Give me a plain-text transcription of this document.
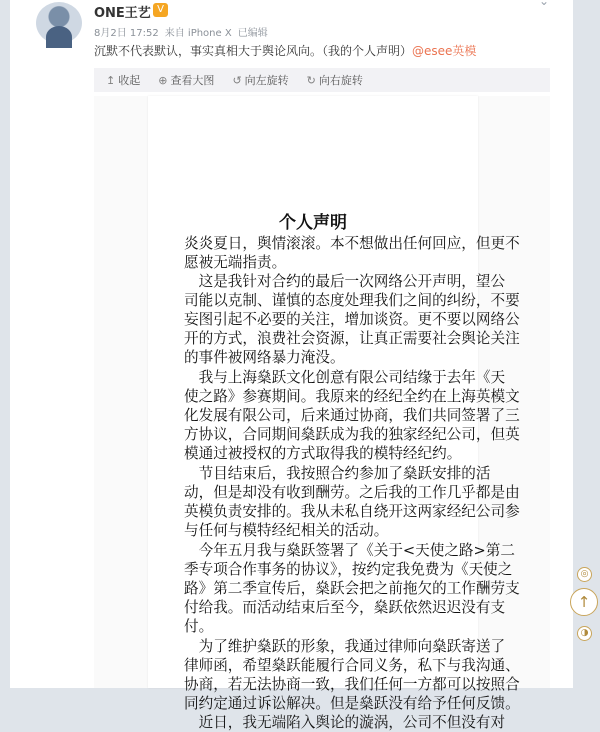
ONE王艺 V
⌄
8月2日 17:52 来自 iPhone X 已编辑
沉默不代表默认，事实真相大于舆论风向。（我的个人声明）@esee英模
↥ 收起 ⊕ 查看大图 ↺ 向左旋转 ↻ 向右旋转
个人声明
炎炎夏日，舆情滚滚。本不想做出任何回应，但更不
愿被无端指责。
　这是我针对合约的最后一次网络公开声明，望公
司能以克制、谨慎的态度处理我们之间的纠纷，不要
妄图引起不必要的关注，增加谈资。更不要以网络公
开的方式，浪费社会资源，让真正需要社会舆论关注
的事件被网络暴力淹没。
　我与上海燊跃文化创意有限公司结缘于去年《天
使之路》参赛期间。我原来的经纪全约在上海英模文
化发展有限公司，后来通过协商，我们共同签署了三
方协议，合同期间燊跃成为我的独家经纪公司，但英
模通过被授权的方式取得我的模特经纪约。
　节目结束后，我按照合约参加了燊跃安排的活
动，但是却没有收到酬劳。之后我的工作几乎都是由
英模负责安排的。我从未私自绕开这两家经纪公司参
与任何与模特经纪相关的活动。
　今年五月我与燊跃签署了《关于<天使之路>第二
季专项合作事务的协议》，按约定我免费为《天使之
路》第二季宣传后，燊跃会把之前拖欠的工作酬劳支
付给我。而活动结束后至今，燊跃依然迟迟没有支
付。
　为了维护燊跃的形象，我通过律师向燊跃寄送了
律师函，希望燊跃能履行合同义务，私下与我沟通、
协商，若无法协商一致，我们任何一方都可以按照合
同约定通过诉讼解决。但是燊跃没有给予任何反馈。
　近日，我无端陷入舆论的漩涡，公司不但没有对
◎
↑
◑
